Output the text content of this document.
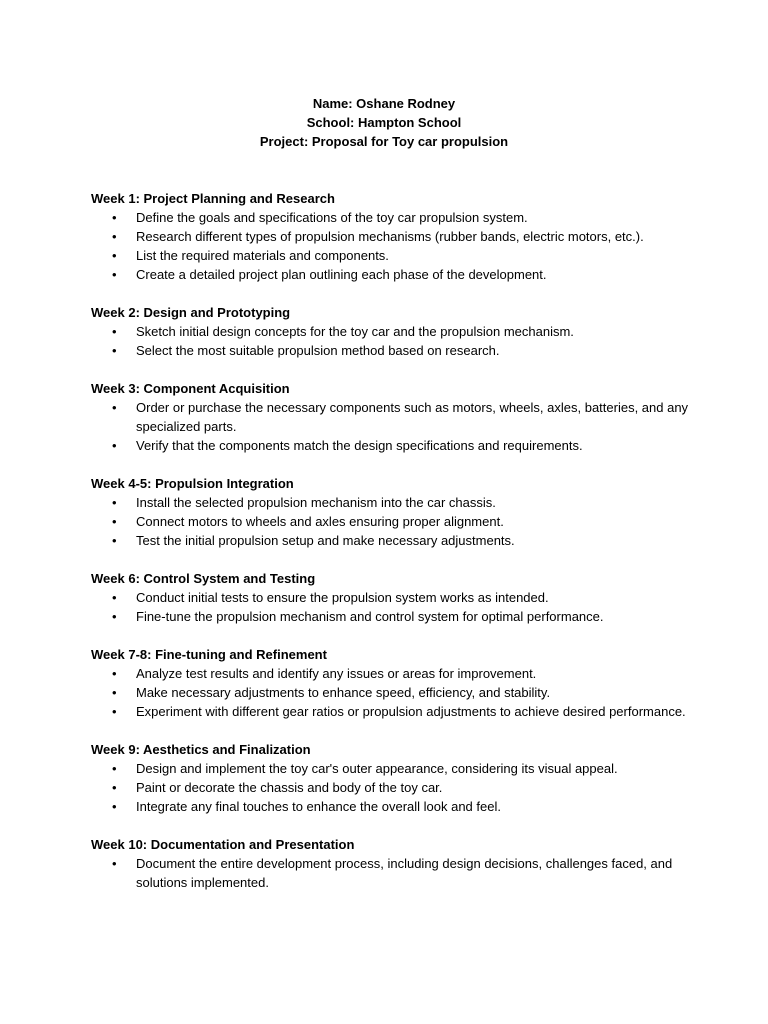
Name: Oshane Rodney
School: Hampton School
Project: Proposal for Toy car propulsion
Week 1: Project Planning and Research
• Define the goals and specifications of the toy car propulsion system.
• Research different types of propulsion mechanisms (rubber bands, electric motors, etc.).
• List the required materials and components.
• Create a detailed project plan outlining each phase of the development.
Week 2: Design and Prototyping
• Sketch initial design concepts for the toy car and the propulsion mechanism.
• Select the most suitable propulsion method based on research.
Week 3: Component Acquisition
• Order or purchase the necessary components such as motors, wheels, axles, batteries, and any specialized parts.
• Verify that the components match the design specifications and requirements.
Week 4-5: Propulsion Integration
• Install the selected propulsion mechanism into the car chassis.
• Connect motors to wheels and axles ensuring proper alignment.
• Test the initial propulsion setup and make necessary adjustments.
Week 6: Control System and Testing
• Conduct initial tests to ensure the propulsion system works as intended.
• Fine-tune the propulsion mechanism and control system for optimal performance.
Week 7-8: Fine-tuning and Refinement
• Analyze test results and identify any issues or areas for improvement.
• Make necessary adjustments to enhance speed, efficiency, and stability.
• Experiment with different gear ratios or propulsion adjustments to achieve desired performance.
Week 9: Aesthetics and Finalization
• Design and implement the toy car's outer appearance, considering its visual appeal.
• Paint or decorate the chassis and body of the toy car.
• Integrate any final touches to enhance the overall look and feel.
Week 10: Documentation and Presentation
• Document the entire development process, including design decisions, challenges faced, and solutions implemented.
